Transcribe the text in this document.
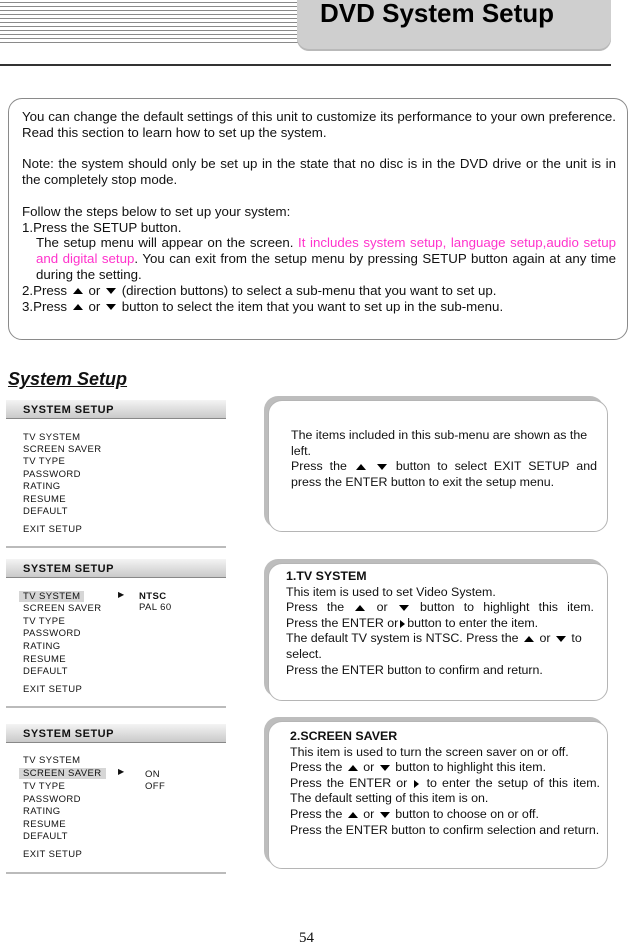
DVD System Setup

You can change the default settings of this unit to customize its performance to your own preference. Read this section to learn how to set up the system.

Note: the system should only be set up in the state that no disc is in the DVD drive or the unit is in the completely stop mode.

Follow the steps below to set up your system:

1.Press the SETUP button.

The setup menu will appear on the screen. It includes system setup, language setup,audio setup and digital setup. You can exit from the setup menu by pressing SETUP button again at any time during the setting.

2.Press or (direction buttons) to select a sub-menu that you want to set up.

3.Press or button to select the item that you want to set up in the sub-menu.

System Setup
SYSTEM SETUP
TV SYSTEM
SCREEN SAVER
TV TYPE
PASSWORD
RATING
RESUME
DEFAULT
EXIT SETUP
SYSTEM SETUP
TV SYSTEM	▶ NTSC
PAL 60
SCREEN SAVER
TV TYPE
PASSWORD
RATING
RESUME
DEFAULT
EXIT SETUP
SYSTEM SETUP
TV SYSTEM
SCREEN SAVER	▶ ON
OFF
TV TYPE
PASSWORD
RATING
RESUME
DEFAULT
EXIT SETUP

The items included in this sub-menu are shown as the left.

Press the	button to select EXIT SETUP and press the ENTER button to exit the setup menu.

1.TV SYSTEM

This item is used to set Video System.

Press the	or	button to highlight this item.

Press the ENTER or button to enter the item.

The default TV system is NTSC. Press the or to select.

Press the ENTER button to confirm and return.

2.SCREEN SAVER

This item is used to turn the screen saver on or off.

Press the or button to highlight this item.

Press the ENTER or to enter the setup of this item. The default setting of this item is on.

Press the or button to choose on or off.

Press the ENTER button to confirm selection and return.

54
